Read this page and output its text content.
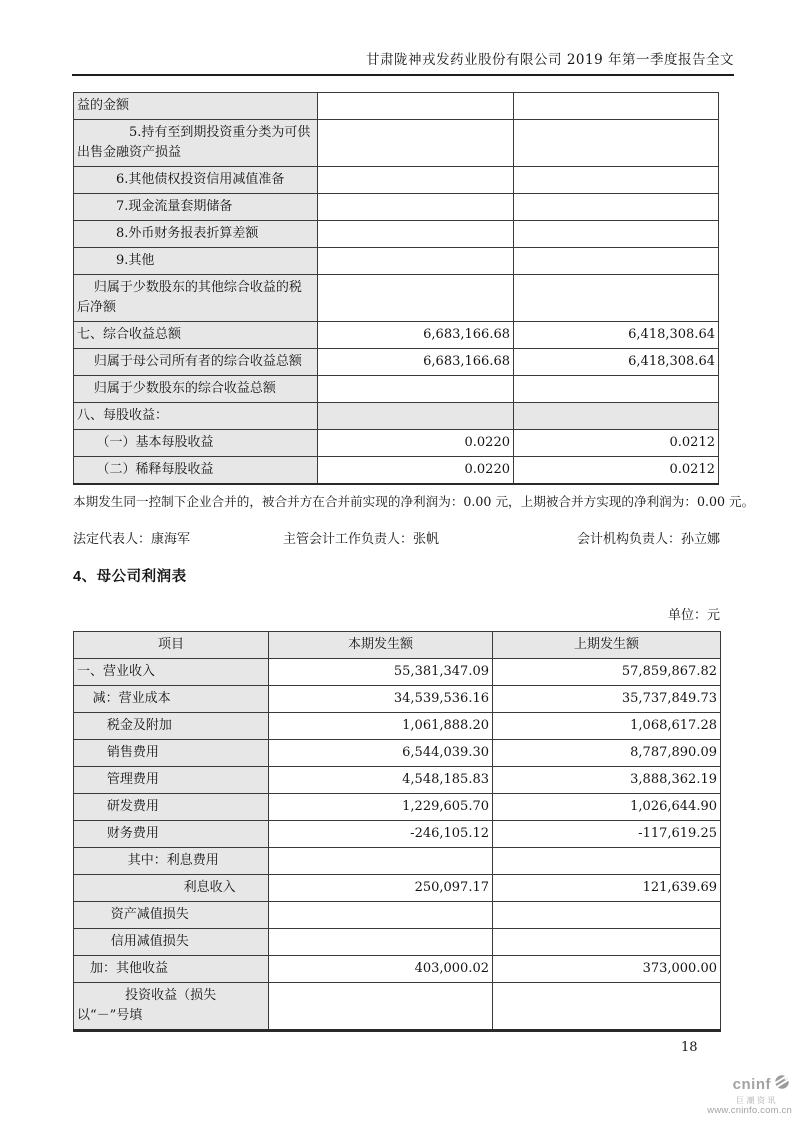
甘肃陇神戎发药业股份有限公司 2019 年第一季度报告全文
益的金额		
5.持有至到期投资重分类为可供出售金融资产损益		
6.其他债权投资信用减值准备		
7.现金流量套期储备		
8.外币财务报表折算差额		
9.其他		
归属于少数股东的其他综合收益的税后净额		
七、综合收益总额	6,683,166.68	6,418,308.64
归属于母公司所有者的综合收益总额	6,683,166.68	6,418,308.64
归属于少数股东的综合收益总额		
八、每股收益：		
（一）基本每股收益	0.0220	0.0212
（二）稀释每股收益	0.0220	0.0212
本期发生同一控制下企业合并的，被合并方在合并前实现的净利润为：0.00 元，上期被合并方实现的净利润为：0.00 元。
法定代表人：康海军	主管会计工作负责人：张帆	会计机构负责人：孙立娜
4、母公司利润表
单位：元
项目	本期发生额	上期发生额
一、营业收入	55,381,347.09	57,859,867.82
减：营业成本	34,539,536.16	35,737,849.73
税金及附加	1,061,888.20	1,068,617.28
销售费用	6,544,039.30	8,787,890.09
管理费用	4,548,185.83	3,888,362.19
研发费用	1,229,605.70	1,026,644.90
财务费用	-246,105.12	-117,619.25
其中：利息费用		
利息收入	250,097.17	121,639.69
资产减值损失		
信用减值损失		
加：其他收益	403,000.02	373,000.00
投资收益（损失以“－”号填		
18
cninf
巨潮资讯
www.cninfo.com.cn
